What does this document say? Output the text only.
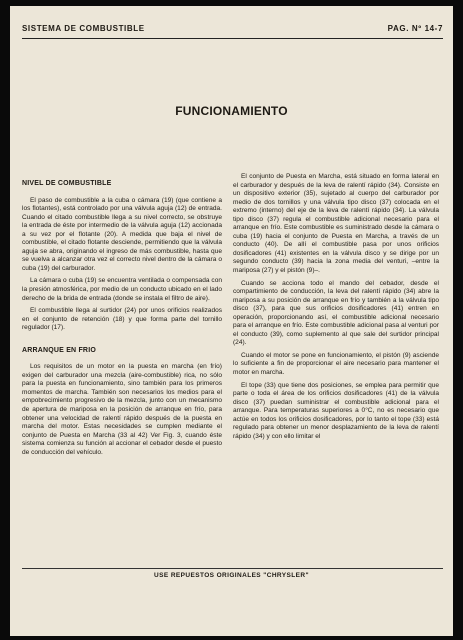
SISTEMA DE COMBUSTIBLE	PAG. Nº 14-7
FUNCIONAMIENTO
NIVEL DE COMBUSTIBLE

El paso de combustible a la cuba o cámara (19) (que contiene a los flotantes), está controlado por una válvula aguja (12) de entrada. Cuando el citado combustible llega a su nivel correcto, se obstruye la entrada de éste por intermedio de la válvula aguja (12) accionada a su vez por el flotante (20). A medida que baja el nivel de combustible, el citado flotante desciende, permitiendo que la válvula aguja se abra, originando el ingreso de más combustible, hasta que se vuelva a alcanzar otra vez el correcto nivel dentro de la cámara o cuba (19) del carburador.

La cámara o cuba (19) se encuentra ventilada o compensada con la presión atmosférica, por medio de un conducto ubicado en el lado derecho de la brida de entrada (donde se instala el filtro de aire).

El combustible llega al surtidor (24) por unos orificios realizados en el conjunto de retención (18) y que forma parte del tornillo regulador (17).

ARRANQUE EN FRIO

Los requisitos de un motor en la puesta en marcha (en frío) exigen del carburador una mezcla (aire-combustible) rica, no sólo para la puesta en funcionamiento, sino también para los primeros momentos de marcha. También son necesarios los medios para el empobrecimiento progresivo de la mezcla, junto con un mecanismo de apertura de mariposa en la posición de arranque en frío, para obtener una velocidad de ralentí rápido después de la puesta en marcha del motor. Estas necesidades se cumplen mediante el conjunto de Puesta en Marcha (33 al 42) Ver Fig. 3, cuando éste sistema comienza su función al accionar el cebador desde el puesto de conducción del vehículo.

El conjunto de Puesta en Marcha, está situado en forma lateral en el carburador y después de la leva de ralentí rápido (34). Consiste en un dispositivo exterior (35), sujetado al cuerpo del carburador por medio de dos tornillos y una válvula tipo disco (37) colocada en el extremo (interno) del eje de la leva de ralentí rápido (34). La válvula tipo disco (37) regula el combustible adicional necesario para el arranque en frío. Este combustible es suministrado desde la cámara o cuba (19) hacia el conjunto de Puesta en Marcha, a través de un conducto (40). De allí el combustible pasa por unos orificios dosificadores (41) existentes en la válvula disco y se dirige por un segundo conducto (39) hacia la zona media del venturi, –entre la mariposa (27) y el pistón (9)–.

Cuando se acciona todo el mando del cebador, desde el compartimiento de conducción, la leva del ralentí rápido (34) abre la mariposa a su posición de arranque en frío y también a la válvula tipo disco (37), para que sus orificios dosificadores (41) entren en operación, proporcionando así, el combustible adicional necesario para el arranque en frío. Este combustible adicional pasa al venturi por el conducto (39), como suplemento al que sale del surtidor principal (24).

Cuando el motor se pone en funcionamiento, el pistón (9) asciende lo suficiente a fin de proporcionar el aire necesario para mantener el motor en marcha.

El tope (33) que tiene dos posiciones, se emplea para permitir que parte o toda el área de los orificios dosificadores (41) de la válvula disco (37) puedan suministrar el combustible adicional para el arranque. Para temperaturas superiores a 0°C, no es necesario que actúe en todos los orificios dosificadores, por lo tanto el tope (33) está regulado para obtener un menor desplazamiento de la leva de ralentí rápido (34) y con ello limitar el

USE REPUESTOS ORIGINALES "CHRYSLER"
